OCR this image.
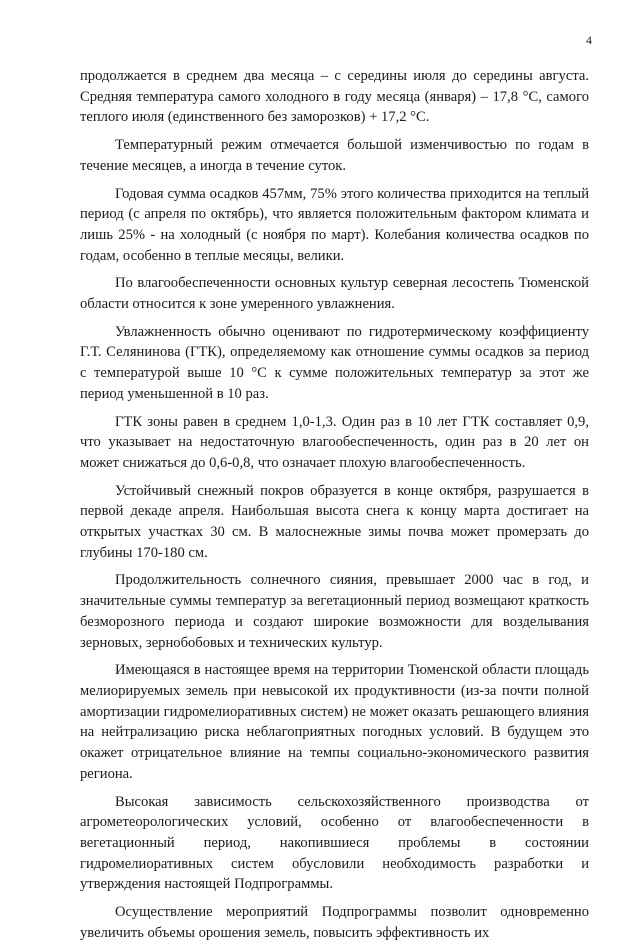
4

продолжается в среднем два месяца – с середины июля до середины августа. Средняя температура самого холодного в году месяца (января) – 17,8 °С, самого теплого июля (единственного без заморозков) + 17,2 °С.

Температурный режим отмечается большой изменчивостью по годам в течение месяцев, а иногда в течение суток.

Годовая сумма осадков 457мм, 75% этого количества приходится на теплый период (с апреля по октябрь), что является положительным фактором климата и лишь 25% - на холодный (с ноября по март). Колебания количества осадков по годам, особенно в теплые месяцы, велики.

По влагообеспеченности основных культур северная лесостепь Тюменской области относится к зоне умеренного увлажнения.

Увлажненность обычно оценивают по гидротермическому коэффициенту Г.Т. Селянинова (ГТК), определяемому как отношение суммы осадков за период с температурой выше 10 °С к сумме положительных температур за этот же период уменьшенной в 10 раз.

ГТК зоны равен в среднем 1,0-1,3. Один раз в 10 лет ГТК составляет 0,9, что указывает на недостаточную влагообеспеченность, один раз в 20 лет он может снижаться до 0,6-0,8, что означает плохую влагообеспеченность.

Устойчивый снежный покров образуется в конце октября, разрушается в первой декаде апреля. Наибольшая высота снега к концу марта достигает на открытых участках 30 см. В малоснежные зимы почва может промерзать до глубины 170-180 см.

Продолжительность солнечного сияния, превышает 2000 час в год, и значительные суммы температур за вегетационный период возмещают краткость безморозного периода и создают широкие возможности для возделывания зерновых, зернобобовых и технических культур.

Имеющаяся в настоящее время на территории Тюменской области площадь мелиорируемых земель при невысокой их продуктивности (из-за почти полной амортизации гидромелиоративных систем) не может оказать решающего влияния на нейтрализацию риска неблагоприятных погодных условий. В будущем это окажет отрицательное влияние на темпы социально-экономического развития региона.

Высокая зависимость сельскохозяйственного производства от агрометеорологических условий, особенно от влагообеспеченности в вегетационный период, накопившиеся проблемы в состоянии гидромелиоративных систем обусловили необходимость разработки и утверждения настоящей Подпрограммы.

Осуществление мероприятий Подпрограммы позволит одновременно увеличить объемы орошения земель, повысить эффективность их
